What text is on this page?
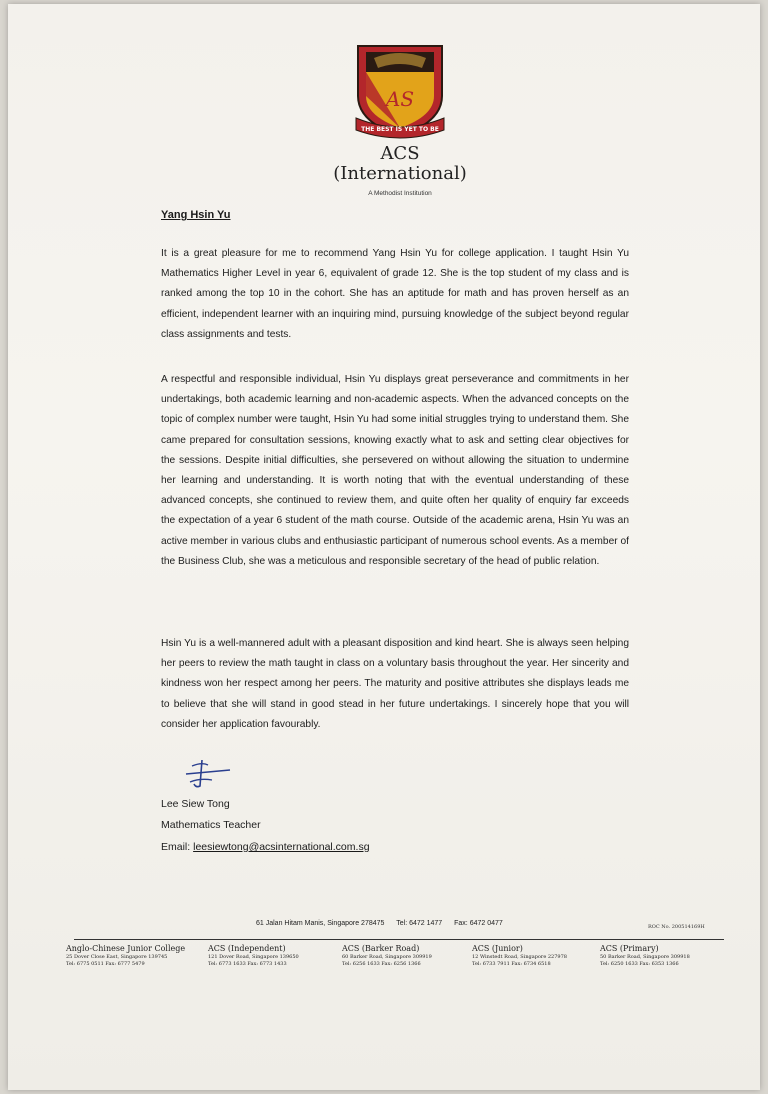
AS
THE BEST IS YET TO BE
ACS
(International)
A Methodist Institution
Yang Hsin Yu

It is a great pleasure for me to recommend Yang Hsin Yu for college application. I taught Hsin Yu Mathematics Higher Level in year 6, equivalent of grade 12. She is the top student of my class and is ranked among the top 10 in the cohort. She has an aptitude for math and has proven herself as an efficient, independent learner with an inquiring mind, pursuing knowledge of the subject beyond regular class assignments and tests.

A respectful and responsible individual, Hsin Yu displays great perseverance and commitments in her undertakings, both academic learning and non-academic aspects. When the advanced concepts on the topic of complex number were taught, Hsin Yu had some initial struggles trying to understand them. She came prepared for consultation sessions, knowing exactly what to ask and setting clear objectives for the sessions. Despite initial difficulties, she persevered on without allowing the situation to undermine her learning and understanding. It is worth noting that with the eventual understanding of these advanced concepts, she continued to review them, and quite often her quality of enquiry far exceeds the expectation of a year 6 student of the math course. Outside of the academic arena, Hsin Yu was an active member in various clubs and enthusiastic participant of numerous school events. As a member of the Business Club, she was a meticulous and responsible secretary of the head of public relation.

Hsin Yu is a well-mannered adult with a pleasant disposition and kind heart. She is always seen helping her peers to review the math taught in class on a voluntary basis throughout the year. Her sincerity and kindness won her respect among her peers. The maturity and positive attributes she displays leads me to believe that she will stand in good stead in her future undertakings. I sincerely hope that you will consider her application favourably.

Lee Siew Tong
Mathematics Teacher
Email: leesiewtong@acsinternational.com.sg
61 Jalan Hitam Manis, Singapore 278475 Tel: 6472 1477 Fax: 6472 0477	ROC No. 200514169H
Anglo-Chinese Junior College
25 Dover Close East, Singapore 139745
Tel: 6775 0511 Fax: 6777 5479
ACS (Independent)
121 Dover Road, Singapore 139650
Tel: 6773 1633 Fax: 6773 1433
ACS (Barker Road)
60 Barker Road, Singapore 309919
Tel: 6256 1633 Fax: 6256 1366
ACS (Junior)
12 Winstedt Road, Singapore 227978
Tel: 6733 7911 Fax: 6734 6518
ACS (Primary)
50 Barker Road, Singapore 309918
Tel: 6250 1633 Fax: 6353 1366
